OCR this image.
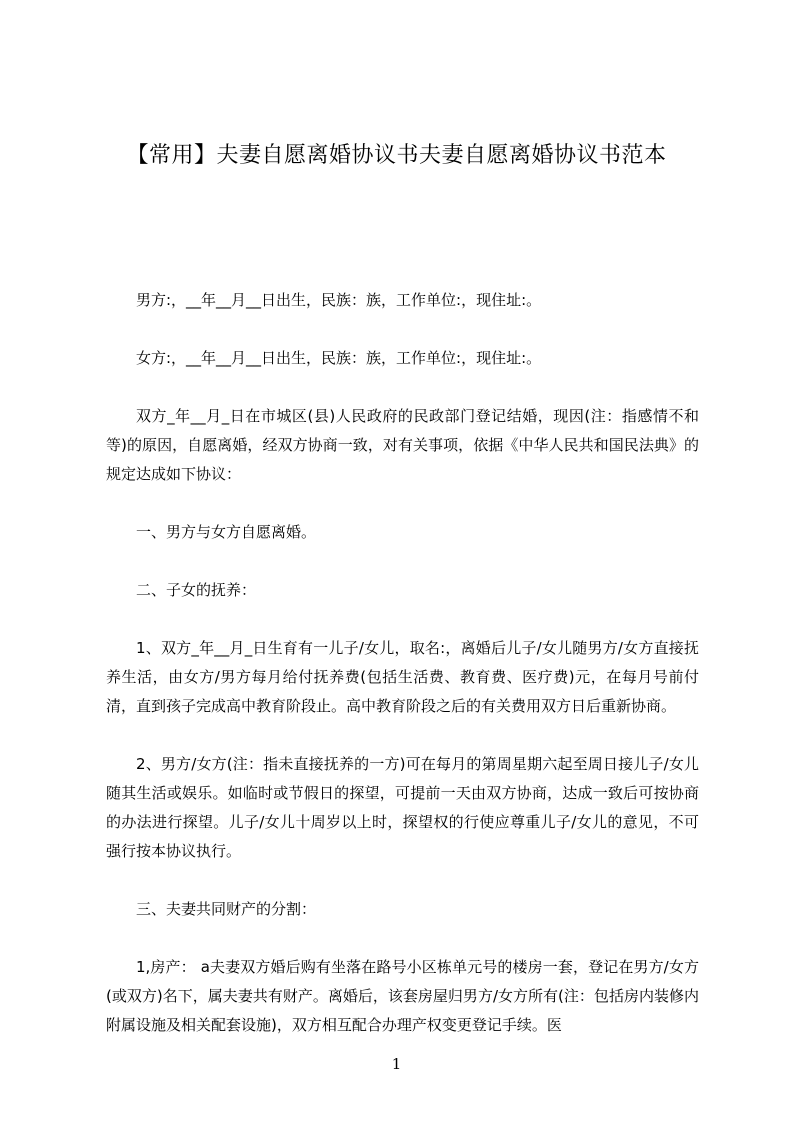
【常用】夫妻自愿离婚协议书夫妻自愿离婚协议书范本

男方:，__年__月__日出生，民族：族，工作单位:，现住址:。

女方:，__年__月__日出生，民族：族，工作单位:，现住址:。

双方_年__月_日在市城区(县)人民政府的民政部门登记结婚，现因(注：指感情不和等)的原因，自愿离婚，经双方协商一致，对有关事项，依据《中华人民共和国民法典》的规定达成如下协议：

一、男方与女方自愿离婚。

二、子女的抚养：

1、双方_年__月_日生育有一儿子/女儿，取名:，离婚后儿子/女儿随男方/女方直接抚养生活，由女方/男方每月给付抚养费(包括生活费、教育费、医疗费)元，在每月号前付清，直到孩子完成高中教育阶段止。高中教育阶段之后的有关费用双方日后重新协商。

2、男方/女方(注：指未直接抚养的一方)可在每月的第周星期六起至周日接儿子/女儿随其生活或娱乐。如临时或节假日的探望，可提前一天由双方协商，达成一致后可按协商的办法进行探望。儿子/女儿十周岁以上时，探望权的行使应尊重儿子/女儿的意见，不可强行按本协议执行。

三、夫妻共同财产的分割：

1,房产： a夫妻双方婚后购有坐落在路号小区栋单元号的楼房一套，登记在男方/女方(或双方)名下，属夫妻共有财产。离婚后，该套房屋归男方/女方所有(注：包括房内装修内附属设施及相关配套设施)，双方相互配合办理产权变更登记手续。医

1
